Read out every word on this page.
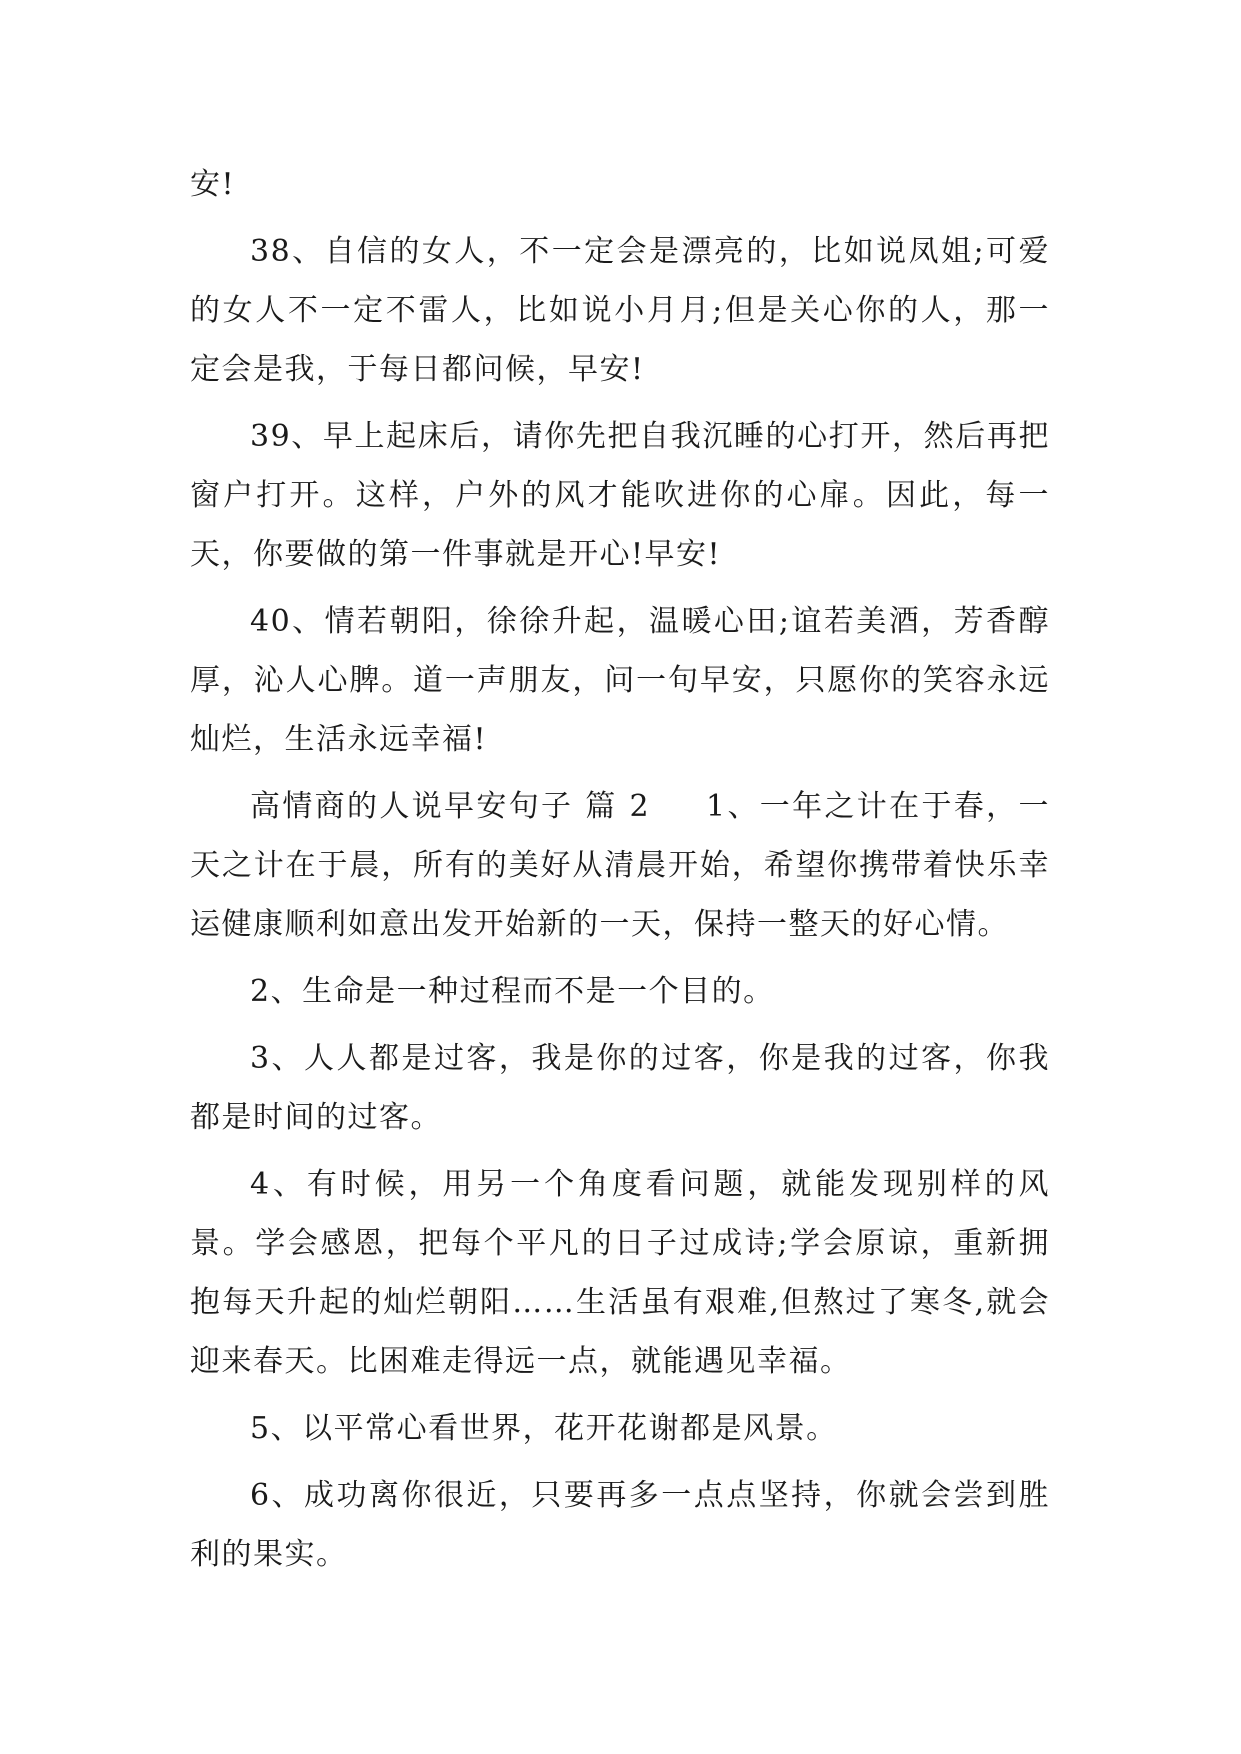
安!

38、自信的女人，不一定会是漂亮的，比如说凤姐;可爱的女人不一定不雷人，比如说小月月;但是关心你的人，那一定会是我，于每日都问候，早安!

39、早上起床后，请你先把自我沉睡的心打开，然后再把窗户打开。这样，户外的风才能吹进你的心扉。因此，每一天，你要做的第一件事就是开心!早安!

40、情若朝阳，徐徐升起，温暖心田;谊若美酒，芳香醇厚，沁人心脾。道一声朋友，问一句早安，只愿你的笑容永远灿烂，生活永远幸福!

高情商的人说早安句子 篇 2 1、一年之计在于春，一天之计在于晨，所有的美好从清晨开始，希望你携带着快乐幸运健康顺利如意出发开始新的一天，保持一整天的好心情。

2、生命是一种过程而不是一个目的。

3、人人都是过客，我是你的过客，你是我的过客，你我都是时间的过客。

4、有时候，用另一个角度看问题，就能发现别样的风景。学会感恩，把每个平凡的日子过成诗;学会原谅，重新拥抱每天升起的灿烂朝阳……生活虽有艰难,但熬过了寒冬,就会迎来春天。比困难走得远一点，就能遇见幸福。

5、以平常心看世界，花开花谢都是风景。

6、成功离你很近，只要再多一点点坚持，你就会尝到胜利的果实。
